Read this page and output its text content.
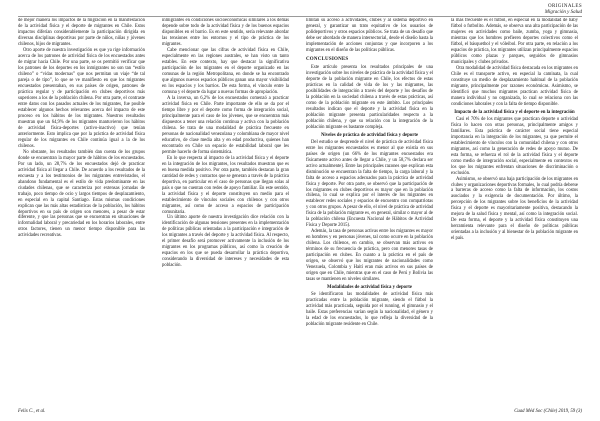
ORIGINALES
Migración y Salud

de mejor manera los impactos de la migración en la manifestación de la actividad física y el deporte de migrantes en Chile. Estos impactos diferían considerablemente la participación dirigida en diversas disciplinas deportivas por parte de niños, niñas y jóvenes chilenos, hijos de migrantes.

Otro aporte de nuestra investigación es que ya rige información acerca de los patrones de actividad física de los encuestados antes de migrar hacia Chile. Por una parte, se os permitió verificar que los patrones de los deportes en los inmigrantes no son tan “estilo chileno” o “vidas modernas” que nos permitan un viaje “de tal pareja o de tipo”, lo que se ve manifiesto en que los migrantes encuestados presentaban, en sus países de origen, patrones de práctica regular y de participación en clubes deportivos más superiores a los de la población chilena. Por otra parte, el contraste entre datos con los pasados actuales de los migrantes, fue posible establecer algunos hechos relevantes acerca del impacto de este proceso en los hábitos de los migrantes. Nuestros resultados muestran que un 64,9% de los migrantes mantuvieron los hábitos de actividad física-deportes (activo-inactivo) que tenían anteriormente. Esto implica que por la práctica de actividad física regular de los migrantes en Chile continúa igual a la de los chilenos.

No obstante, los resultados también dan cuenta de los grupos donde se encuentran la mayor parte de hábitos de los encuestados. Por un lado, un 28,7% de los encuestados dejó de practicar actividad física al llegar a Chile. De acuerdo a los resultados de la encuesta y a los testimonios de los migrantes entrevistados, el abandono fundamental es el estilo de vida predominante en las ciudades chilenas, que se caracteriza por extensas jornadas de trabajo, poco tiempo de ocio y largos tiempos de desplazamiento, en especial en la capital Santiago. Estas mismas condiciones explican que las más altas estadísticas de la población, los hábitos deportivos en su país de origen son menores, a pesar de estar diferente, y que las personas que se encuentran en situaciones de informalidad laboral y precariedad en los horarios laborales, entre otros factores, tienen un menor tiempo disponible para las actividades recreativas.

inmigrantes en condiciones socioeconómicas similares a los demás depende sobre todo de la actividad física y de los buenos espacios disponibles en el barrio. Es en este sentido, sería relevante abordar las tensiones entre los entornos y el tipo de práctica de los migrantes.

Cabe mencionar que las cifras de actividad física en Chile, especialmente en las regiones australes, se han visto un tanto estables. En este contexto, hay que destacar la significativa participación de los migrantes en el deporte organizado en las comunas de la región Metropolitana, en donde se ha encontrado que algunos nuevos espacios públicos ganan una mayor visibilidad en los espacios y los barrios. De esta forma, el vínculo entre la comuna y el deporte da lugar a nuevas formas de apropiación.

A la inversa, un 6,2% de los encuestados comenzó a practicar actividad física en Chile. Parte importante de ello se da por el tiempo libre y por el deporte como forma de integración social, principalmente para el caso de los jóvenes, que se encuentran más dispuestos a tener una relación continua y activa con la población chilena. Se trata de una modalidad de práctica frecuente en personas de nacionalidad venezolana y colombiana de mayor nivel educativo, de clase media alta y en edad productiva, quienes han encontrado en Chile un espacio de estabilidad laboral que les permite hacerlo de forma sistemática.

En lo que respecta al impacto de la actividad física y el deporte en la integración de los migrantes, los resultados muestran que es en buena medida positivo. Por otra parte, también destacan la gran cantidad de redes y contactos que se generan a través de la práctica deportiva, en particular en el caso de personas que llegan solas al país o que no cuentan con redes de apoyo familiar. En este sentido, la actividad física y el deporte constituyen un medio para el establecimiento de vínculos sociales con chilenos y con otros migrantes, así como de acceso a espacios de participación comunitaria.

Un último aporte de nuestra investigación dice relación con la identificación de algunas tensiones presentes en la implementación de políticas públicas orientadas a la participación e integración de los migrantes a través del deporte y la actividad física. Al respecto, el primer desafío será promover activamente la inclusión de los migrantes en los programas públicos, así como la creación de espacios en los que se pueda desarrollar la práctica deportiva, considerando la diversidad de intereses y necesidades de esta población.

limitan su acceso a actividades, clubes y al sistema deportivo en general, y garantizar un trato equitativo de los usuarios de polideportivos y otros espacios públicos. Se trata de un desafío que debe ser abordado de manera intersectorial, desde el diseño hasta la implementación de acciones conjuntas y que incorporen a los migrantes en el diseño de las políticas públicas.

CONCLUSIONES

Este artículo presenta los resultados principales de una investigación sobre los niveles de práctica de la actividad física y el deporte de la población migrante en Chile, los efectos de estas prácticas en la calidad de vida de los y las migrantes, las posibilidades de integración a través del deporte y los desafíos de la población en la sociedad chilena a través de estas prácticas, así como de la población migrante en este ámbito. Los principales resultados indican que el deporte y la actividad física en la población migrante presenta particularidades respecto a la población chilena, y que su relación con la integración de la población migrante es bastante compleja.

Niveles de práctica de actividad física y deporte

Del estudio se desprende el nivel de práctica de actividad física entre los migrantes encuestados es menor al que existía en sus países de origen (un 66% de los migrantes encuestados era físicamente activo antes de llegar a Chile, y un 58,7% declara ser activo actualmente). Entre las principales razones que explican esta disminución se encuentran la falta de tiempo, la carga laboral y la falta de acceso a espacios adecuados para la práctica de actividad física y deporte. Por otra parte, se observó que la participación de los migrantes en clubes deportivos es mayor que en la población chilena, lo cual se explica por el interés de los migrantes en establecer redes sociales y espacios de encuentro con compatriotas y con otros grupos. A pesar de ello, el nivel de práctica de actividad física de la población migrante es, en general, similar o mayor al de la población chilena (Encuesta Nacional de Hábitos de Actividad Física y Deporte 2015).

Además, la tasa de personas activas entre los migrantes es mayor en hombres y en personas jóvenes, tal como ocurre en la población chilena. Los chilenos, en cambio, se observan más activos en términos de su frecuencia de práctica, pero con menores tasas de participación en clubes. En cuanto a la práctica en el país de origen, se observó que los migrantes de nacionalidades como Venezuela, Colombia y Haití eran más activos en sus países de origen que en Chile, mientras que en el caso de Perú y Bolivia las tasas se mantienen en niveles similares.

Modalidades de actividad física y deporte

Se identificaron las modalidades de actividad física más practicadas entre la población migrante, siendo el fútbol la actividad más practicada, seguida por el running, el gimnasio y el baile. Estas preferencias varían según la nacionalidad, el género y la edad de los encuestados, lo que refleja la diversidad de la población migrante residente en Chile.

la más frecuente es el fútbol, en especial en la modalidad de baby fútbol o futbolito. Además, se observa una alta participación de las mujeres en actividades como baile, zumba, yoga y gimnasia, mientras que los hombres prefieren deportes colectivos como el fútbol, el básquetbol y el vóleibol. Por otra parte, en relación a los espacios de práctica, los migrantes utilizan principalmente espacios públicos como plazas y parques, seguidos de gimnasios municipales y clubes privados.

Otra modalidad de actividad física destacada en los migrantes en Chile es el transporte activo, en especial la caminata, la cual constituye un medio de desplazamiento habitual de la población migrante, principalmente por razones económicas. Asimismo, se identificó que muchos migrantes practican actividad física de manera individual y no organizada, lo cual se relaciona con las condiciones laborales y con la falta de tiempo disponible.

Impacto de la actividad física y el deporte en la integración

Casi el 70% de los migrantes que practican deporte o actividad física lo hacen con otras personas, principalmente amigos y familiares. Esta práctica de carácter social tiene especial importancia en la integración de los migrantes, ya que permite el establecimiento de vínculos con la comunidad chilena y con otros migrantes, así como la generación de redes de apoyo mutuo. De esta forma, se refuerza el rol de la actividad física y el deporte como medio de integración social, especialmente en contextos en los que los migrantes enfrentan situaciones de discriminación o exclusión.

Asimismo, se observó una baja participación de los migrantes en clubes y organizaciones deportivas formales, lo cual podría deberse a barreras de acceso como la falta de información, los costos asociados y la exigencia de documentación. Por último, la percepción de los migrantes sobre los beneficios de la actividad física y el deporte es mayoritariamente positiva, destacando la mejora de la salud física y mental, así como la integración social. De esta forma, el deporte y la actividad física constituyen una herramienta relevante para el diseño de políticas públicas orientadas a la inclusión y al bienestar de la población migrante en el país.

Felix C., et al.	Cuad Méd Soc (Chile) 2019, 59 (3)
